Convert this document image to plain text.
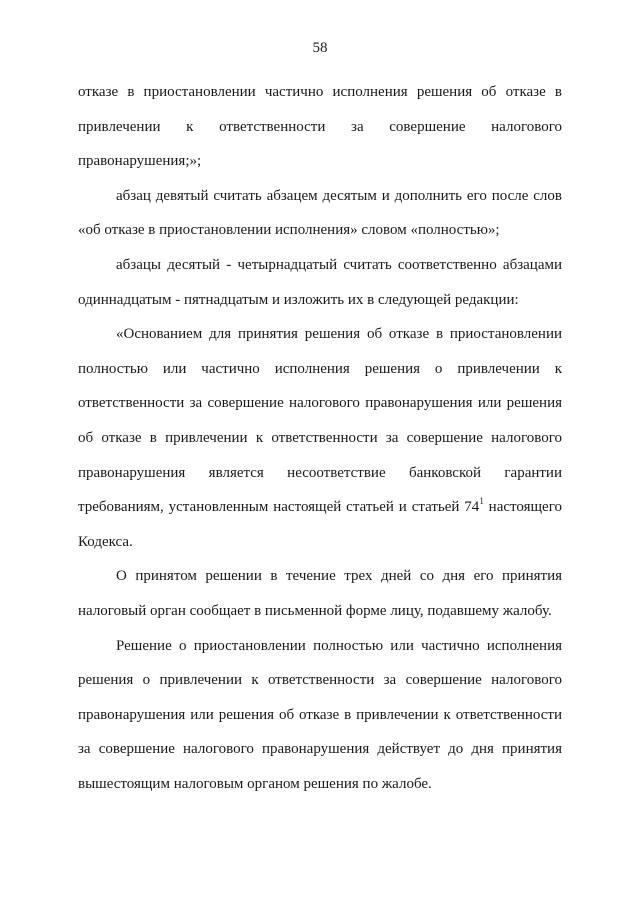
58

отказе в приостановлении частично исполнения решения об отказе в привлечении к ответственности за совершение налогового правонарушения;»;

абзац девятый считать абзацем десятым и дополнить его после слов «об отказе в приостановлении исполнения» словом «полностью»;

абзацы десятый - четырнадцатый считать соответственно абзацами одиннадцатым - пятнадцатым и изложить их в следующей редакции:

«Основанием для принятия решения об отказе в приостановлении полностью или частично исполнения решения о привлечении к ответственности за совершение налогового правонарушения или решения об отказе в привлечении к ответственности за совершение налогового правонарушения является несоответствие банковской гарантии требованиям, установленным настоящей статьей и статьей $74^1$ настоящего Кодекса.

О принятом решении в течение трех дней со дня его принятия налоговый орган сообщает в письменной форме лицу, подавшему жалобу.

Решение о приостановлении полностью или частично исполнения решения о привлечении к ответственности за совершение налогового правонарушения или решения об отказе в привлечении к ответственности за совершение налогового правонарушения действует до дня принятия вышестоящим налоговым органом решения по жалобе.
